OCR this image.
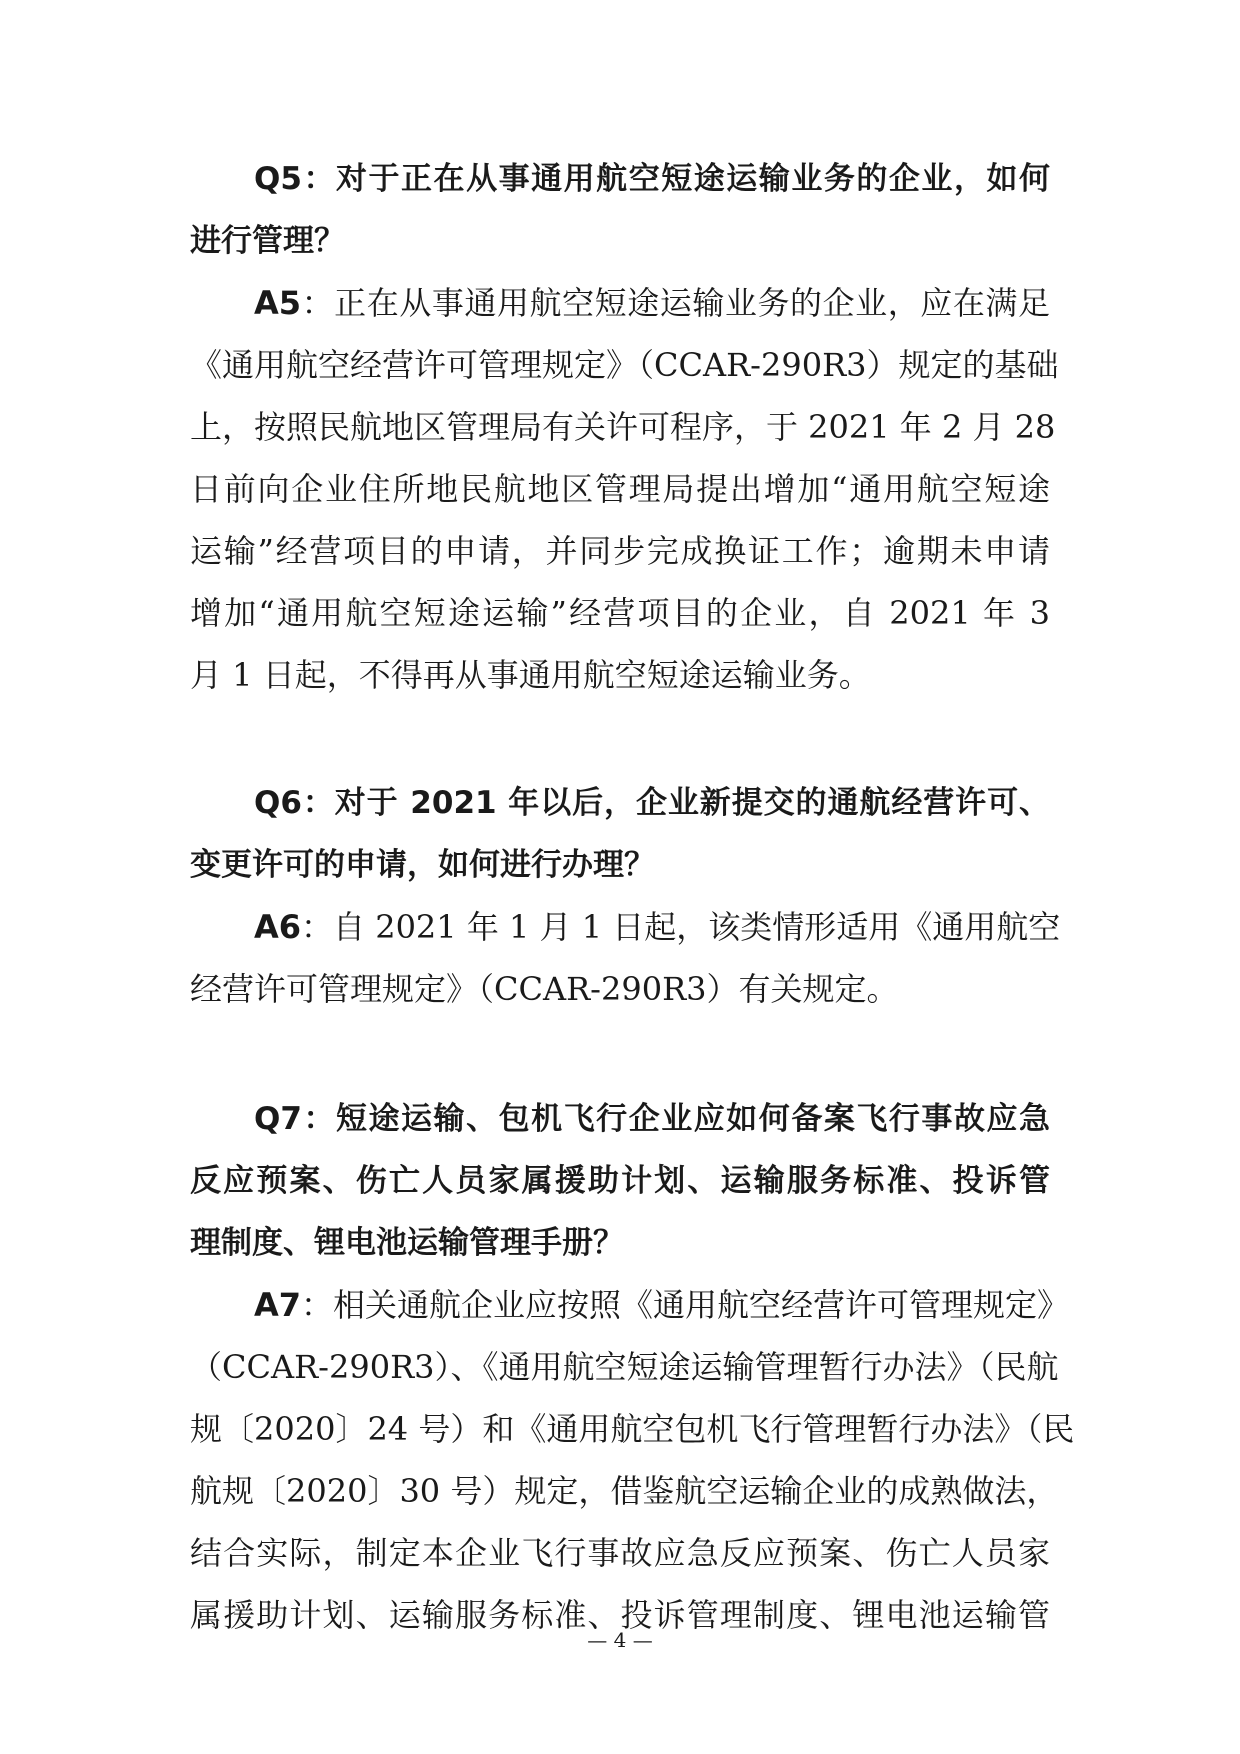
Q5：对于正在从事通用航空短途运输业务的企业，如何
进行管理？
A5：正在从事通用航空短途运输业务的企业，应在满足
《通用航空经营许可管理规定》（CCAR-290R3）规定的基础
上，按照民航地区管理局有关许可程序，于 2021 年 2 月 28
日前向企业住所地民航地区管理局提出增加“通用航空短途
运输”经营项目的申请，并同步完成换证工作；逾期未申请
增加“通用航空短途运输”经营项目的企业，自 2021 年 3
月 1 日起，不得再从事通用航空短途运输业务。
Q6：对于 2021 年以后，企业新提交的通航经营许可、
变更许可的申请，如何进行办理？
A6：自 2021 年 1 月 1 日起，该类情形适用《通用航空
经营许可管理规定》（CCAR-290R3）有关规定。
Q7：短途运输、包机飞行企业应如何备案飞行事故应急
反应预案、伤亡人员家属援助计划、运输服务标准、投诉管
理制度、锂电池运输管理手册？
A7：相关通航企业应按照《通用航空经营许可管理规定》
（CCAR-290R3）、《通用航空短途运输管理暂行办法》（民航
规〔2020〕24 号）和《通用航空包机飞行管理暂行办法》（民
航规〔2020〕30 号）规定，借鉴航空运输企业的成熟做法，
结合实际，制定本企业飞行事故应急反应预案、伤亡人员家
属援助计划、运输服务标准、投诉管理制度、锂电池运输管
— 4 —
